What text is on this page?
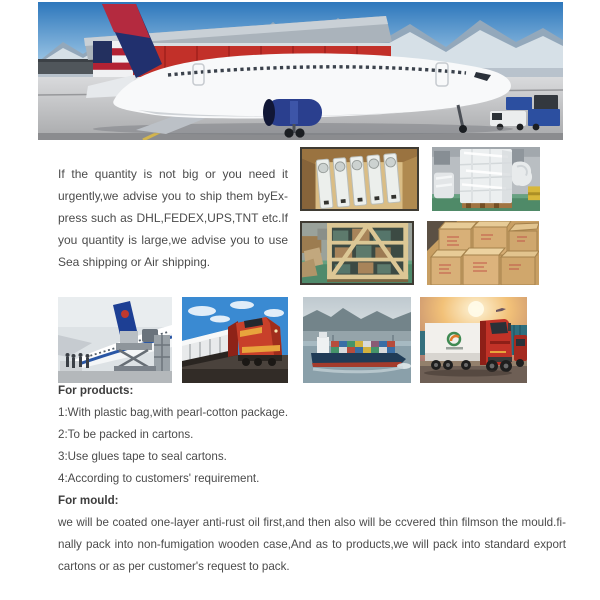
If the quantity is not big or you need it

urgently,we advise you to ship them byEx-

press such as DHL,FEDEX,UPS,TNT etc.If

you quantity is large,we advise you to use

Sea shipping or Air shipping.

For products:

1:With plastic bag,with pearl-cotton package.

2:To be packed in cartons.

3:Use glues tape to seal cartons.

4:According to customers' requirement.

For mould:

we will be coated one-layer anti-rust oil first,and then also will be ccvered thin filmson the mould.fi-

nally pack into non-fumigation wooden case,And as to products,we will pack into standard export

cartons or as per customer's request to pack.
